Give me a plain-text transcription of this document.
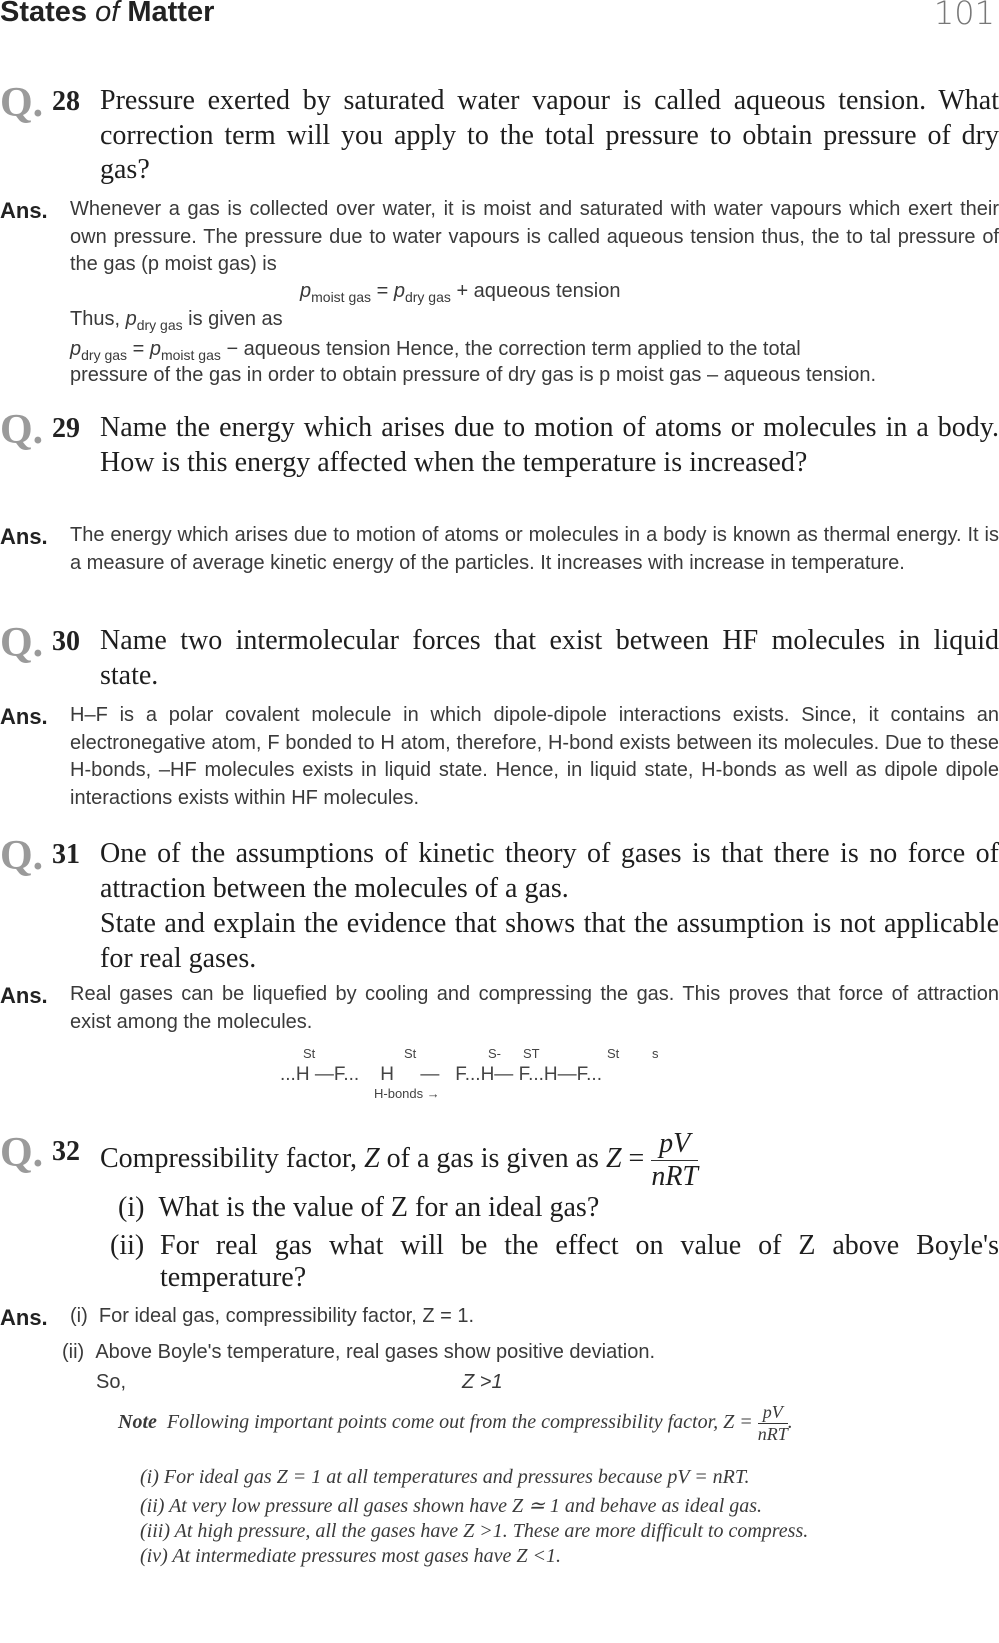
States of Matter	101
Q. 28 Pressure exerted by saturated water vapour is called aqueous tension. What correction term will you apply to the total pressure to obtain pressure of dry gas?
Ans. Whenever a gas is collected over water, it is moist and saturated with water vapours which exert their own pressure. The pressure due to water vapours is called aqueous tension thus, the to tal pressure of the gas (p moist gas) is
$p_{moist gas} = p_{dry gas}$ + aqueous tension
Thus, $p_{dry gas}$ is given as
$p_{dry gas} = p_{moist gas}$ − aqueous tension Hence, the correction term applied to the total
pressure of the gas in order to obtain pressure of dry gas is p moist gas – aqueous tension.
Q. 29 Name the energy which arises due to motion of atoms or molecules in a body. How is this energy affected when the temperature is increased?
Ans. The energy which arises due to motion of atoms or molecules in a body is known as thermal energy. It is a measure of average kinetic energy of the particles. It increases with increase in temperature.
Q. 30 Name two intermolecular forces that exist between HF molecules in liquid state.
Ans. H–F is a polar covalent molecule in which dipole-dipole interactions exists. Since, it contains an electronegative atom, F bonded to H atom, therefore, H-bond exists between its molecules. Due to these H-bonds, –HF molecules exists in liquid state. Hence, in liquid state, H-bonds as well as dipole dipole interactions exists within HF molecules.
Q. 31 One of the assumptions of kinetic theory of gases is that there is no force of attraction between the molecules of a gas.
State and explain the evidence that shows that the assumption is not applicable for real gases.
Ans. Real gases can be liquefied by cooling and compressing the gas. This proves that force of attraction exist among the molecules.
St	St	S- ST	St	s
...H —F...    H     —   F...H— F...H—F...
H-bonds →
Q. 32 Compressibility factor, Z of a gas is given as $Z = \frac{pV}{\text{nRT}}$
(i) What is the value of Z for an ideal gas?
(ii) For real gas what will be the effect on value of Z above Boyle's temperature?
Ans. (i) For ideal gas, compressibility factor, Z = 1.
(ii) Above Boyle's temperature, real gases show positive deviation.
So,	Z >1
Note Following important points come out from the compressibility factor, $Z = \frac{pV}{\text{nRT}}$ .
(i) For ideal gas Z = 1 at all temperatures and pressures because pV = nRT.
(ii) At very low pressure all gases shown have Z ≃ 1 and behave as ideal gas.
(iii) At high pressure, all the gases have Z >1. These are more difficult to compress.
(iv) At intermediate pressures most gases have Z <1.
